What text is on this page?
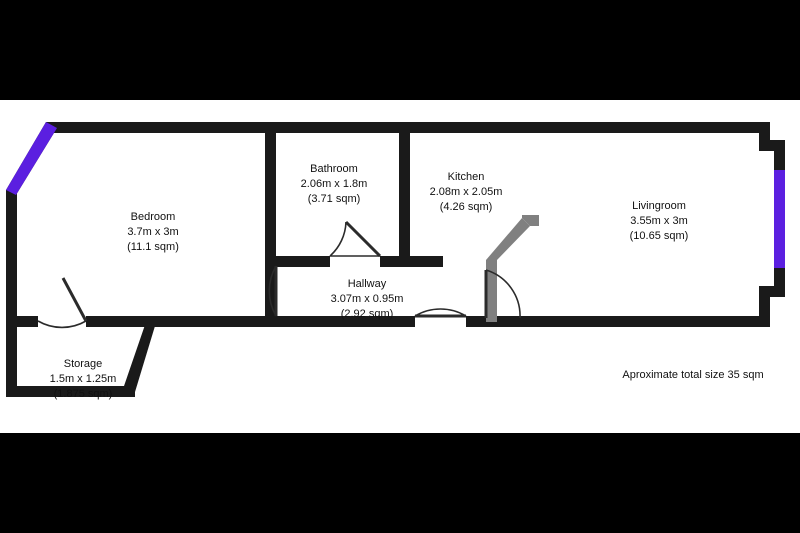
Bedroom
3.7m x 3m
(11.1 sqm)
Bathroom
2.06m x 1.8m
(3.71 sqm)
Kitchen
2.08m x 2.05m
(4.26 sqm)	Livingroom
3.55m x 3m
(10.65 sqm)
Hallway
3.07m x 0.95m
(2.92 sqm)
Storage
1.5m x 1.25m
(1.875 sqm)
Aproximate total size 35 sqm
